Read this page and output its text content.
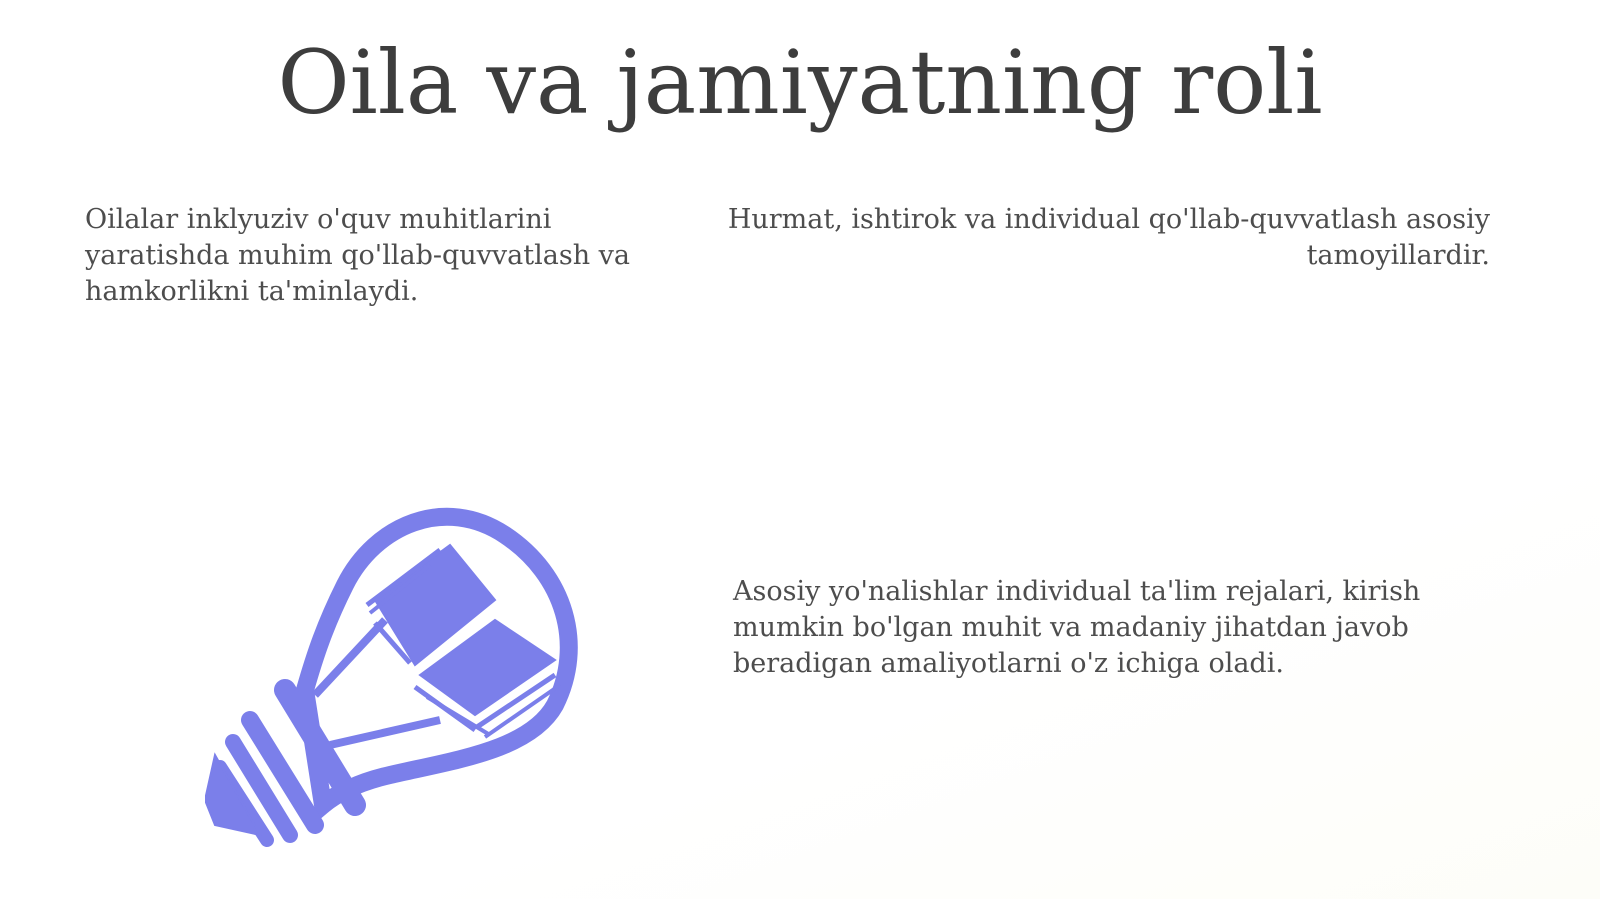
Oila va jamiyatning roli

Oilalar inklyuziv o'quv muhitlarini yaratishda muhim qo'llab-quvvatlash va hamkorlikni ta'minlaydi.

Hurmat, ishtirok va individual qo'llab-quvvatlash asosiy tamoyillardir.

Asosiy yo'nalishlar individual ta'lim rejalari, kirish mumkin bo'lgan muhit va madaniy jihatdan javob beradigan amaliyotlarni o'z ichiga oladi.
